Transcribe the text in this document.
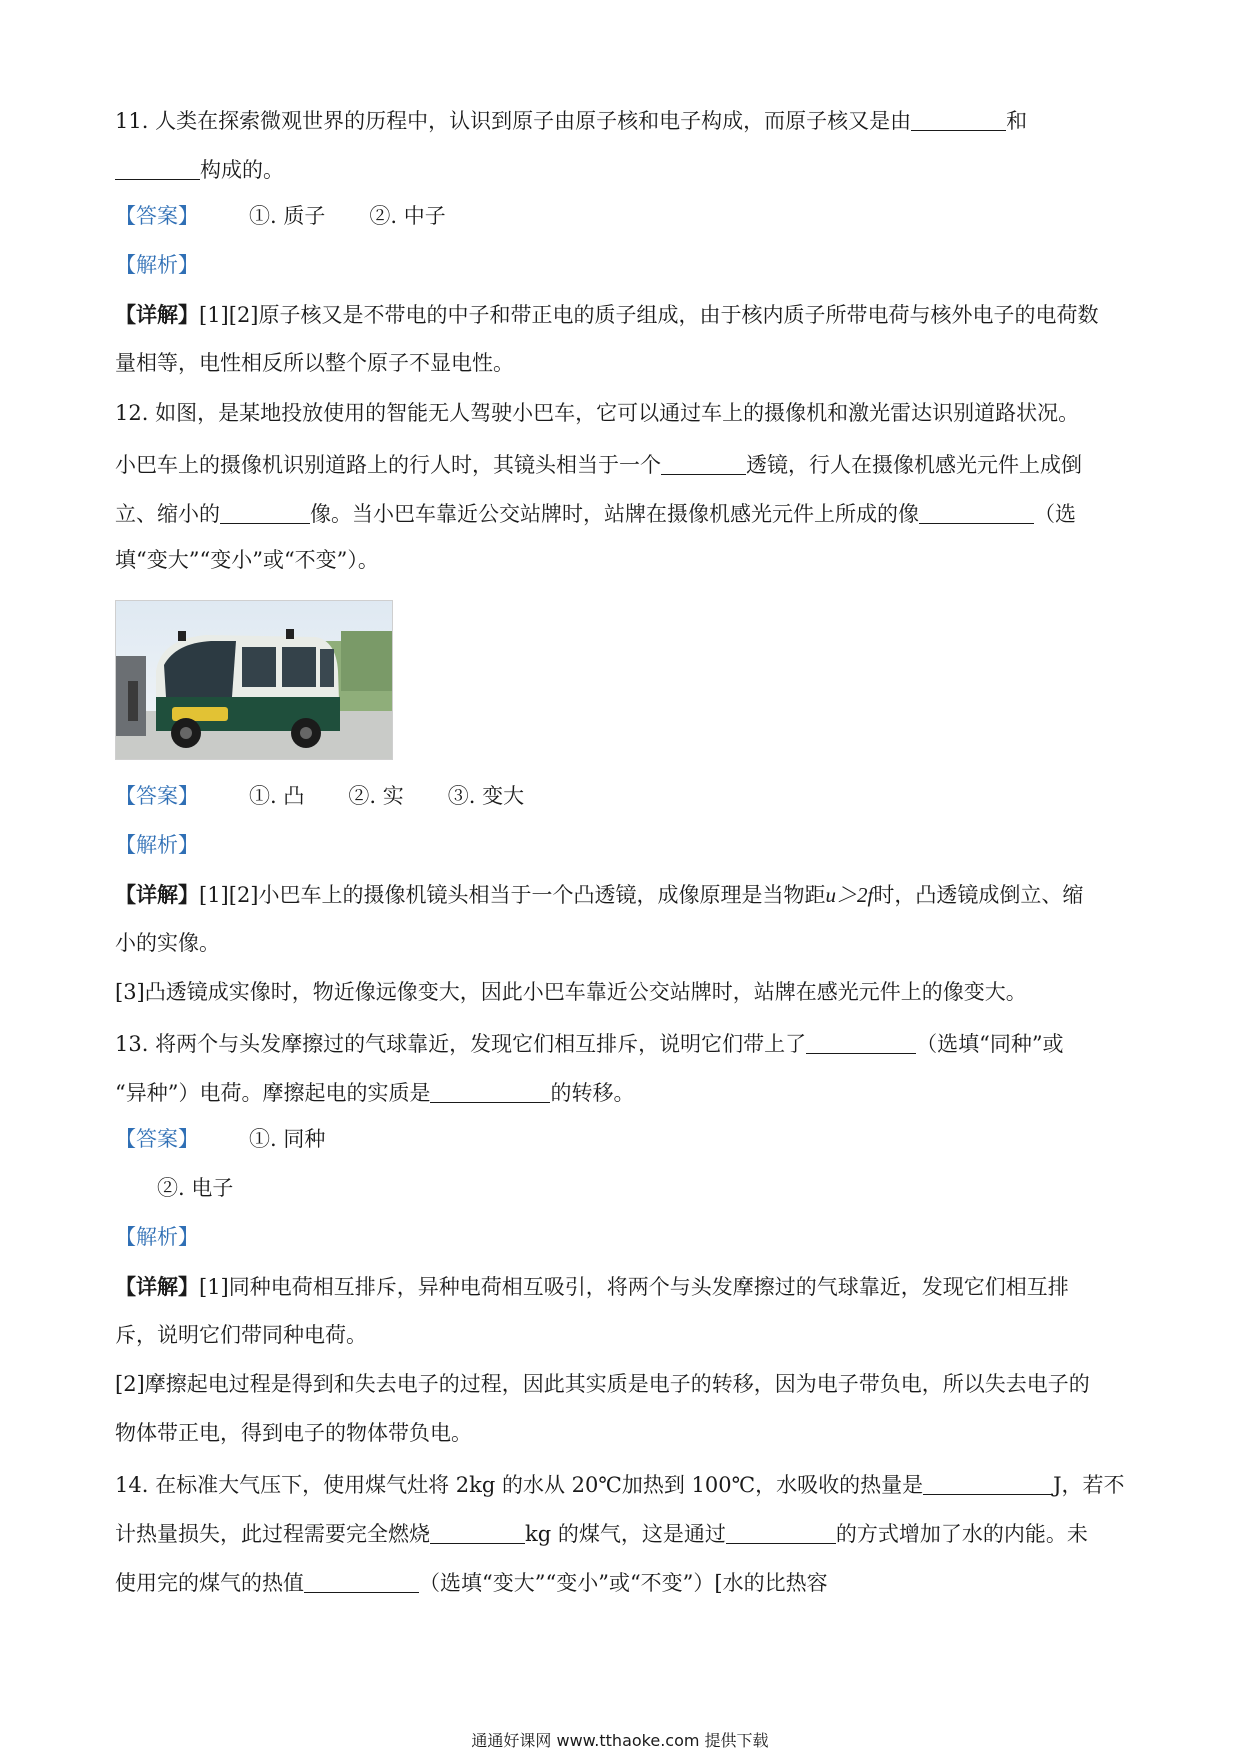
11. 人类在探索微观世界的历程中，认识到原子由原子核和电子构成，而原子核又是由	和
构成的。
【答案】 ①. 质子 ②. 中子
【解析】
【详解】[1][2]原子核又是不带电的中子和带正电的质子组成，由于核内质子所带电荷与核外电子的电荷数
量相等，电性相反所以整个原子不显电性。
12. 如图，是某地投放使用的智能无人驾驶小巴车，它可以通过车上的摄像机和激光雷达识别道路状况。
小巴车上的摄像机识别道路上的行人时，其镜头相当于一个	透镜，行人在摄像机感光元件上成倒
立、缩小的	像。当小巴车靠近公交站牌时，站牌在摄像机感光元件上所成的像	（选
填“变大”“变小”或“不变”）。
【答案】 ①. 凸 ②. 实 ③. 变大
【解析】
【详解】[1][2]小巴车上的摄像机镜头相当于一个凸透镜，成像原理是当物距u＞2f时，凸透镜成倒立、缩
小的实像。
[3]凸透镜成实像时，物近像远像变大，因此小巴车靠近公交站牌时，站牌在感光元件上的像变大。
13. 将两个与头发摩擦过的气球靠近，发现它们相互排斥，说明它们带上了	（选填“同种”或
“异种”）电荷。摩擦起电的实质是	的转移。
【答案】 ①. 同种
②. 电子
【解析】
【详解】[1]同种电荷相互排斥，异种电荷相互吸引，将两个与头发摩擦过的气球靠近，发现它们相互排
斥，说明它们带同种电荷。
[2]摩擦起电过程是得到和失去电子的过程，因此其实质是电子的转移，因为电子带负电，所以失去电子的
物体带正电，得到电子的物体带负电。
14. 在标准大气压下，使用煤气灶将 2kg 的水从 20℃加热到 100℃，水吸收的热量是	J，若不
计热量损失，此过程需要完全燃烧	kg 的煤气，这是通过	的方式增加了水的内能。未
使用完的煤气的热值	（选填“变大”“变小”或“不变”）[水的比热容
通通好课网 www.tthaoke.com 提供下载
